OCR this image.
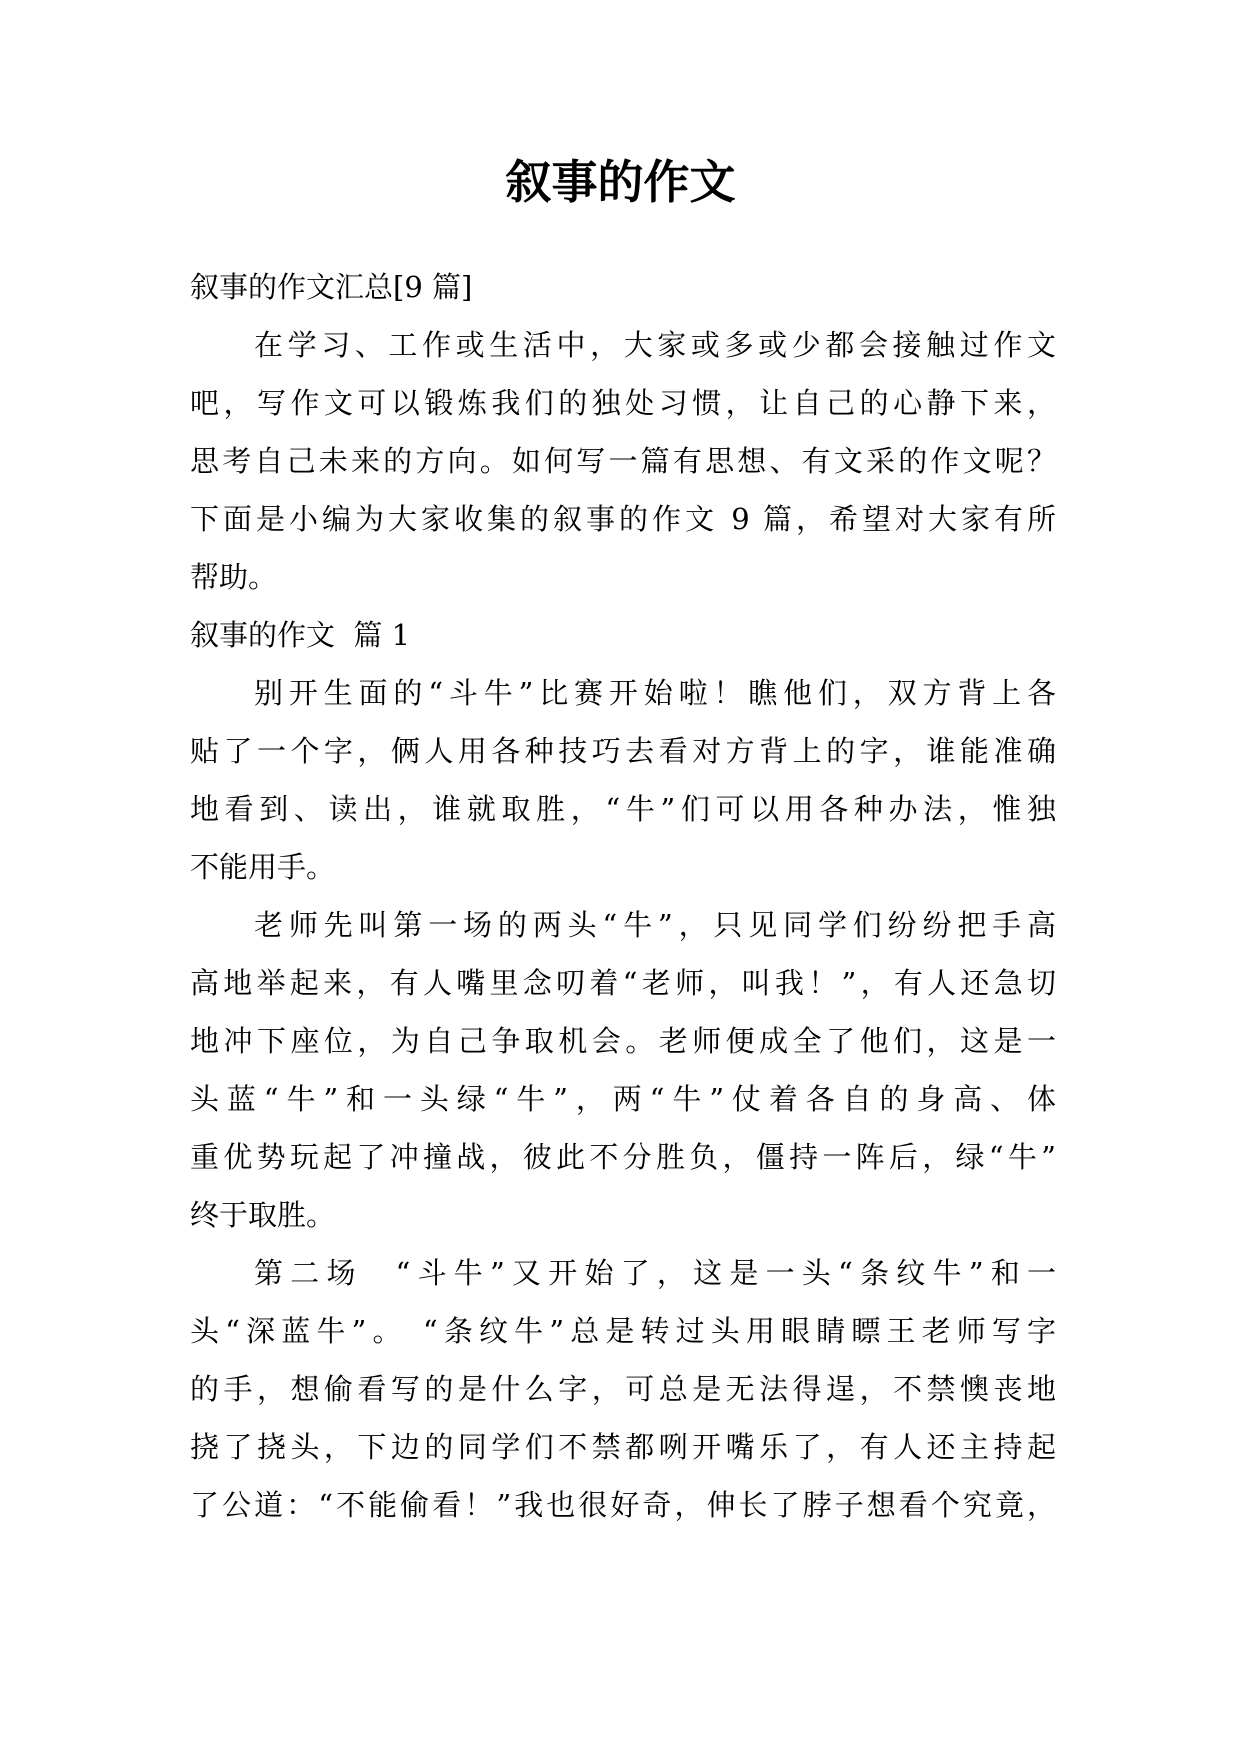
叙事的作文
叙事的作文汇总[9 篇]
在学习、工作或生活中，大家或多或少都会接触过作文
吧，写作文可以锻炼我们的独处习惯，让自己的心静下来，
思考自己未来的方向。如何写一篇有思想、有文采的作文呢？
下面是小编为大家收集的叙事的作文 9 篇，希望对大家有所
帮助。
叙事的作文  篇 1
别开生面的“斗牛”比赛开始啦！瞧他们，双方背上各
贴了一个字，俩人用各种技巧去看对方背上的字，谁能准确
地看到、读出，谁就取胜，“牛”们可以用各种办法，惟独
不能用手。
老师先叫第一场的两头“牛”，只见同学们纷纷把手高
高地举起来，有人嘴里念叨着“老师，叫我！”，有人还急切
地冲下座位，为自己争取机会。老师便成全了他们，这是一
头蓝“牛”和一头绿“牛”，两“牛”仗着各自的身高、体
重优势玩起了冲撞战，彼此不分胜负，僵持一阵后，绿“牛”
终于取胜。
第二场  “斗牛”又开始了，这是一头“条纹牛”和一
头“深蓝牛”。 “条纹牛”总是转过头用眼睛瞟王老师写字
的手，想偷看写的是什么字，可总是无法得逞，不禁懊丧地
挠了挠头，下边的同学们不禁都咧开嘴乐了，有人还主持起
了公道：“不能偷看！”我也很好奇，伸长了脖子想看个究竟，
